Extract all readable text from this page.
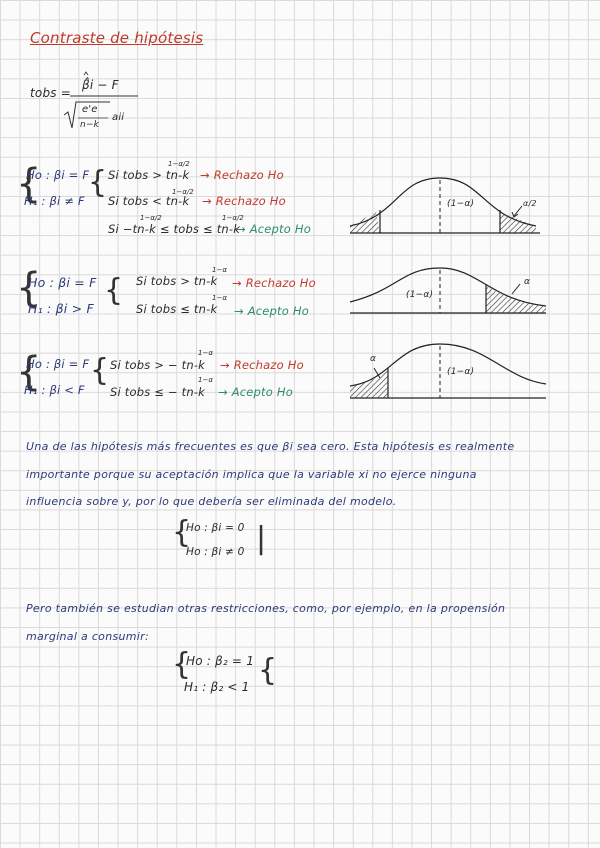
Contraste de hipótesis
tobs =
β̂i − F
e'e
n−k
aii
{
Ho : βi = F
H₁ : βi ≠ F
{ Si tobs > tn-k
1−α/2
→ Rechazo Ho
Si tobs < tn-k
1−α/2
→ Rechazo Ho
Si −tn-k ≤ tobs ≤ tn-k
1−α/2	1−α/2
→ Acepto Ho
(1−α)	α/2
{
Ho : βi = F
H₁ : βi > F
{ Si tobs > tn-k
1−α
→ Rechazo Ho
Si tobs ≤ tn-k
1−α
→ Acepto Ho
(1−α)
α
{
Ho : βi = F
H₁ : βi < F
{ Si tobs > − tn-k
1−α
→ Rechazo Ho
Si tobs ≤ − tn-k
1−α
→ Acepto Ho
(1−α)
α
Una de las hipótesis más frecuentes es que βi sea cero. Esta hipótesis es realmente
importante porque su aceptación implica que la variable xi no ejerce ninguna
influencia sobre y, por lo que debería ser eliminada del modelo.
{
Ho : βi = 0
Ho : βi ≠ 0 |
Pero también se estudian otras restricciones, como, por ejemplo, en la propensión
marginal a consumir:
{
Ho : β₂ = 1
H₁ : β₂ < 1 {
